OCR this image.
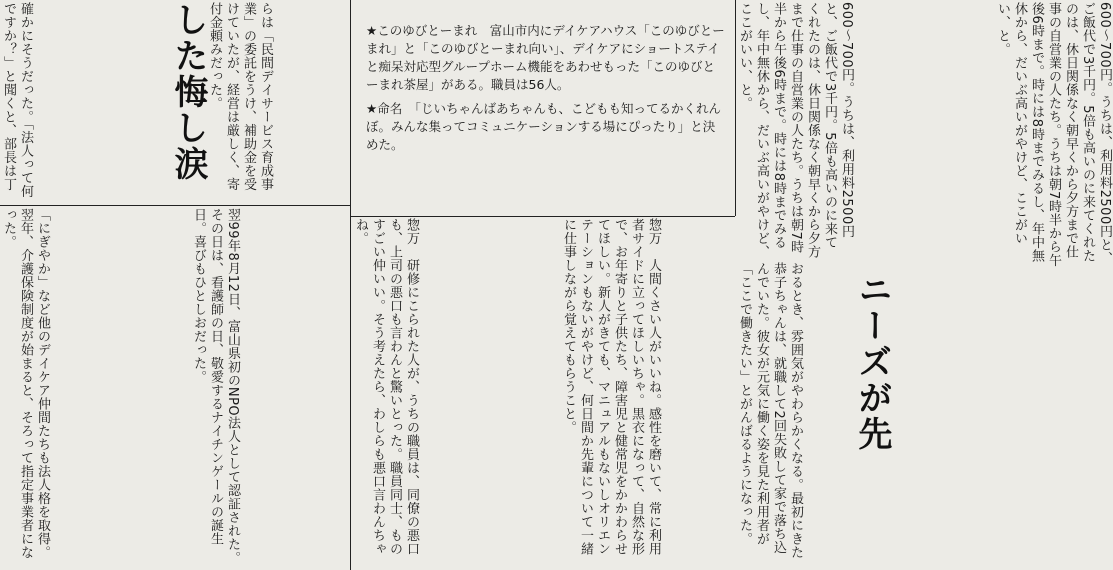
600〜700円。うちは、利用料2500円と、ご飯代で3千円。5倍も高いのに来てくれたのは、休日関係なく朝早くから夕方まで仕事の自営業の人たち。うちは朝7時半から午後6時まで。時には8時までみるし、年中無休から、だいぶ高いがやけど、ここがいい、と。
600〜700円。うちは、利用料2500円と、ご飯代で3千円。5倍も高いのに来てくれたのは、休日関係なく朝早くから夕方まで仕事の自営業の人たち。うちは朝7時半から午後6時まで。時には8時までみるし、年中無休から、だいぶ高いがやけど、ここがいい、と。

★このゆびとーまれ　富山市内にデイケアハウス「このゆびとーまれ」と「このゆびとーまれ向い」、デイケアにショートステイと痴呆対応型グループホーム機能をあわせもった「このゆびとーまれ茶屋」がある。職員は56人。

★命名　「じいちゃんばあちゃんも、こどもも知ってるかくれんぼ。みんな集ってコミュニケーションする場にぴったり」と決めた。

ニーズが先
した悔し涙
おるとき、雰囲気がやわらかくなる。最初にきた恭子ちゃんは、就職して2回失敗して家で落ち込んでいた。彼女が元気に働く姿を見た利用者が「ここで働きたい」とがんばるようになった。
惣万　人間くさい人がいいね。感性を磨いて、常に利用者サイドに立ってほしいちゃ。黒衣になって、自然な形で、お年寄りと子供たち、障害児と健常児をかかわらせてほしい。新人がきても、マニュアルもないしオリエンテーションもないがやけど、何日間か先輩について一緒に仕事しながら覚えてもらうこと。
惣万　研修にこられた人が、うちの職員は、同僚の悪口も、上司の悪口も言わんと驚いとった。職員同士、ものすごい仲いい。そう考えたら、わしらも悪口言わんちゃね。
らは「民間デイサービス育成事業」の委託をうけ、補助金を受けていたが、経営は厳しく、寄付金頼みだった。
確かにそうだった。「法人って何ですか？」と聞くと、部長は丁
翌99年8月12日、富山県初のNPO法人として認証された。その日は、看護師の日、敬愛するナイチンゲールの誕生日。喜びもひとしおだった。
「にぎやか」など他のデイケア仲間たちも法人格を取得。翌年、介護保険制度が始まると、そろって指定事業者になった。
